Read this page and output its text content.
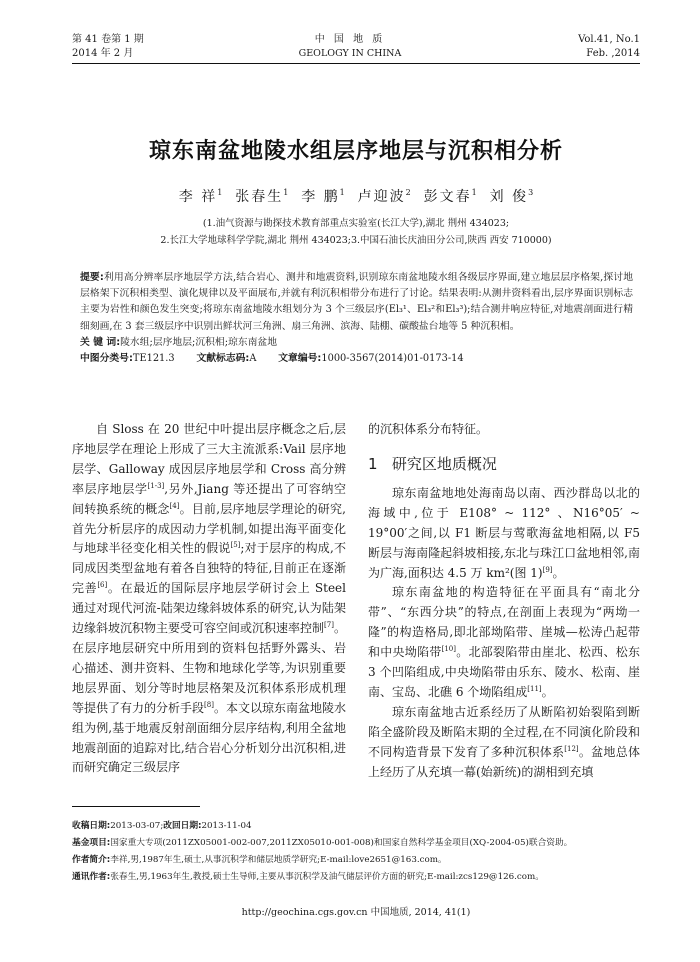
第 41 卷第 1 期
2014 年 2 月
中 国 地 质
GEOLOGY IN CHINA
Vol.41, No.1
Feb. ,2014
琼东南盆地陵水组层序地层与沉积相分析
李 祥$^1$ 张春生$^1$ 李 鹏$^1$ 卢迎波$^2$ 彭文春$^1$ 刘 俊$^3$
(1.油气资源与勘探技术教育部重点实验室(长江大学),湖北 荆州 434023;
2.长江大学地球科学学院,湖北 荆州 434023;3.中国石油长庆油田分公司,陕西 西安 710000)
提要:利用高分辨率层序地层学方法,结合岩心、测井和地震资料,识别琼东南盆地陵水组各级层序界面,建立地层层序格架,探讨地层格架下沉积相类型、演化规律以及平面展布,并就有利沉积相带分布进行了讨论。结果表明:从测井资料看出,层序界面识别标志主要为岩性和颜色发生突变;将琼东南盆地陵水组划分为 3 个三级层序(El₃¹、El₃²和El₃³);结合测井响应特征,对地震剖面进行精细刻画,在 3 套三级层序中识别出鲜状河三角洲、扇三角洲、滨海、陆棚、碳酸盐台地等 5 种沉积相。
关 键 词:陵水组;层序地层;沉积相;琼东南盆地
中图分类号:TE121.3 文献标志码:A 文章编号:1000-3567(2014)01-0173-14

自 Sloss 在 20 世纪中叶提出层序概念之后,层序地层学在理论上形成了三大主流派系:Vail 层序地层学、Galloway 成因层序地层学和 Cross 高分辨率层序地层学[1-3],另外,Jiang 等还提出了可容纳空间转换系统的概念[4]。目前,层序地层学理论的研究,首先分析层序的成因动力学机制,如提出海平面变化与地球半径变化相关性的假说[5];对于层序的构成,不同成因类型盆地有着各自独特的特征,目前正在逐渐完善[6]。在最近的国际层序地层学研讨会上 Steel 通过对现代河流-陆架边缘斜坡体系的研究,认为陆架边缘斜坡沉积物主要受可容空间或沉积速率控制[7]。在层序地层研究中所用到的资料包括野外露头、岩心描述、测井资料、生物和地球化学等,为识别重要地层界面、划分等时地层格架及沉积体系形成机理等提供了有力的分析手段[8]。本文以琼东南盆地陵水组为例,基于地震反射剖面细分层序结构,利用全盆地地震剖面的追踪对比,结合岩心分析划分出沉积相,进而研究确定三级层序

的沉积体系分布特征。
1 研究区地质概况

琼东南盆地地处海南岛以南、西沙群岛以北的海域中,位于 E108° ~ 112° 、N16°05′ ~ 19°00′之间,以 F1 断层与莺歌海盆地相隔,以 F5 断层与海南隆起斜坡相接,东北与珠江口盆地相邻,南为广海,面积达 4.5 万 km²(图 1)[9]。

琼东南盆地的构造特征在平面具有“南北分带”、“东西分块”的特点,在剖面上表现为“两坳一隆”的构造格局,即北部坳陷带、崖城—松涛凸起带和中央坳陷带[10]。北部裂陷带由崖北、松西、松东 3 个凹陷组成,中央坳陷带由乐东、陵水、松南、崖南、宝岛、北礁 6 个坳陷组成[11]。

琼东南盆地古近系经历了从断陷初始裂陷到断陷全盛阶段及断陷末期的全过程,在不同演化阶段和不同构造背景下发育了多种沉积体系[12]。盆地总体上经历了从充填一幕(始新统)的湖相到充填

收稿日期:2013-03-07;改回日期:2013-11-04
基金项目:国家重大专项(2011ZX05001-002-007,2011ZX05010-001-008)和国家自然科学基金项目(XQ-2004-05)联合资助。
作者简介:李祥,男,1987年生,硕士,从事沉积学和储层地质学研究;E-mail:love2651@163.com。
通讯作者:张春生,男,1963年生,教授,硕士生导师,主要从事沉积学及油气储层评价方面的研究;E-mail:zcs129@126.com。
http://geochina.cgs.gov.cn 中国地质, 2014, 41(1)
